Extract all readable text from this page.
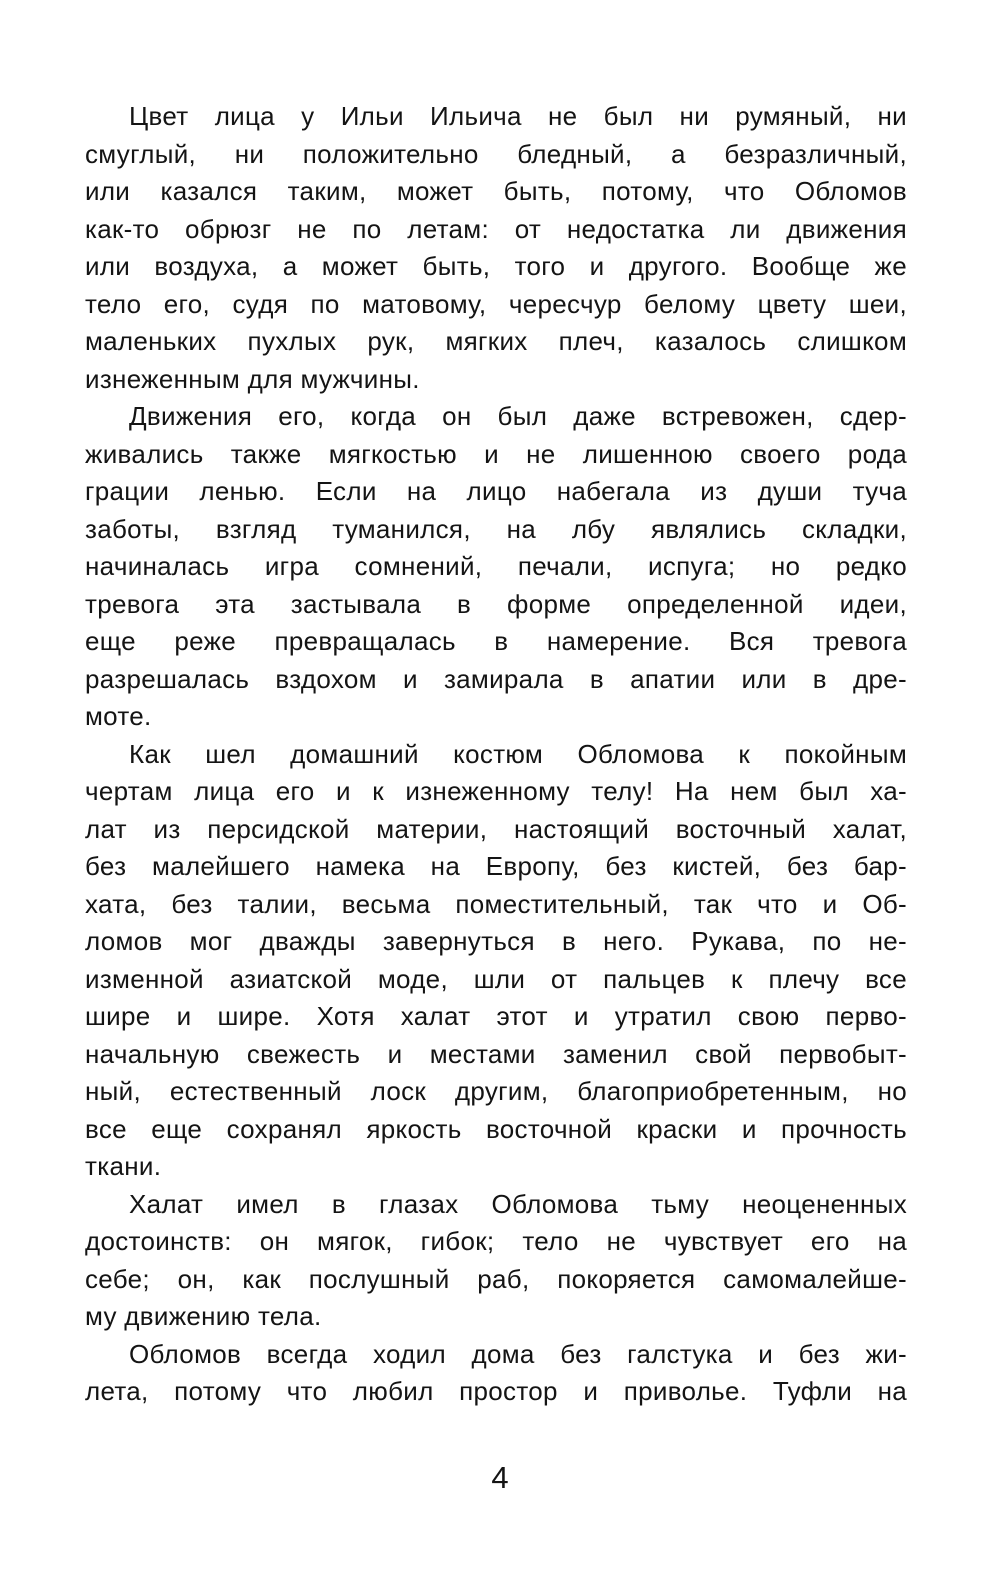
Цвет лица у Ильи Ильича не был ни румяный, ни
смуглый, ни положительно бледный, а безразличный,
или казался таким, может быть, потому, что Обломов
как-то обрюзг не по летам: от недостатка ли движения
или воздуха, а может быть, того и другого. Вообще же
тело его, судя по матовому, чересчур белому цвету шеи,
маленьких пухлых рук, мягких плеч, казалось слишком
изнеженным для мужчины.
Движения его, когда он был даже встревожен, сдер-
живались также мягкостью и не лишенною своего рода
грации ленью. Если на лицо набегала из души туча
заботы, взгляд туманился, на лбу являлись складки,
начиналась игра сомнений, печали, испуга; но редко
тревога эта застывала в форме определенной идеи,
еще реже превращалась в намерение. Вся тревога
разрешалась вздохом и замирала в апатии или в дре-
моте.
Как шел домашний костюм Обломова к покойным
чертам лица его и к изнеженному телу! На нем был ха-
лат из персидской материи, настоящий восточный халат,
без малейшего намека на Европу, без кистей, без бар-
хата, без талии, весьма поместительный, так что и Об-
ломов мог дважды завернуться в него. Рукава, по не-
изменной азиатской моде, шли от пальцев к плечу все
шире и шире. Хотя халат этот и утратил свою перво-
начальную свежесть и местами заменил свой первобыт-
ный, естественный лоск другим, благоприобретенным, но
все еще сохранял яркость восточной краски и прочность
ткани.
Халат имел в глазах Обломова тьму неоцененных
достоинств: он мягок, гибок; тело не чувствует его на
себе; он, как послушный раб, покоряется самомалейше-
му движению тела.
Обломов всегда ходил дома без галстука и без жи-
лета, потому что любил простор и приволье. Туфли на
4
